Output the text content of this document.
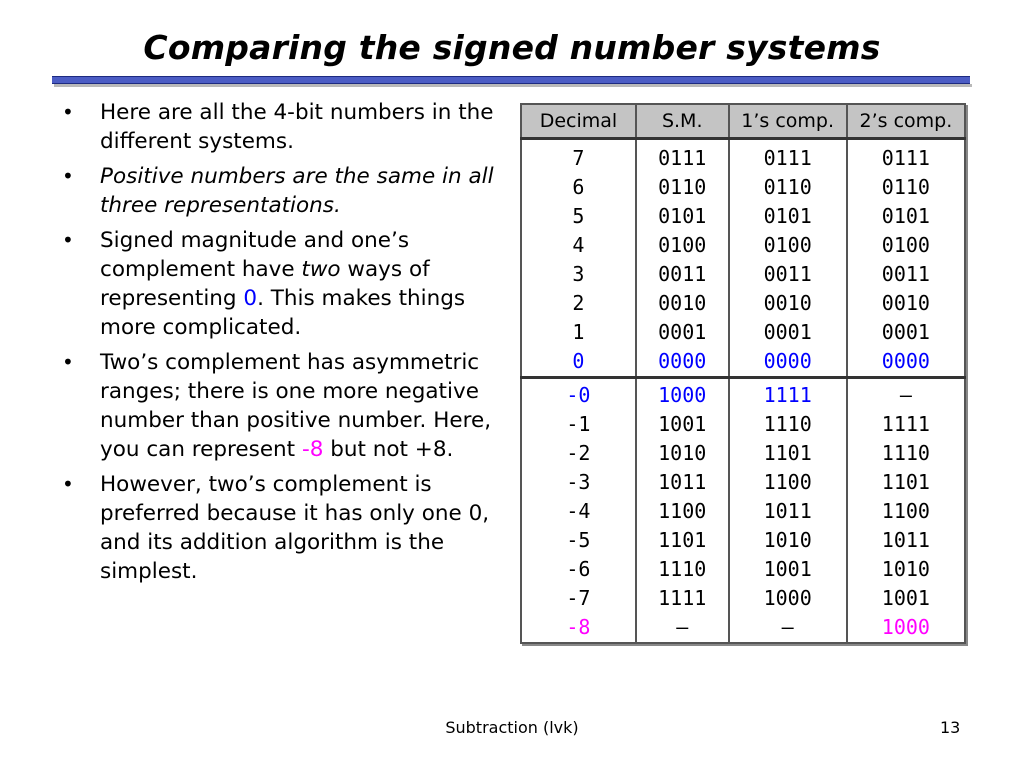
Comparing the signed number systems
• Here are all the 4-bit numbers in the different systems.
• Positive numbers are the same in all three representations.
• Signed magnitude and one’s complement have two ways of representing 0. This makes things more complicated.
• Two’s complement has asymmetric ranges; there is one more negative number than positive number. Here, you can represent -8 but not +8.
• However, two’s complement is preferred because it has only one 0, and its addition algorithm is the simplest.
Decimal	S.M.	1’s comp.	2’s comp.
7	0111	0111	0111
6	0110	0110	0110
5	0101	0101	0101
4	0100	0100	0100
3	0011	0011	0011
2	0010	0010	0010
1	0001	0001	0001
0	0000	0000	0000
-0	1000	1111	—
-1	1001	1110	1111
-2	1010	1101	1110
-3	1011	1100	1101
-4	1100	1011	1100
-5	1101	1010	1011
-6	1110	1001	1010
-7	1111	1000	1001
-8	—	—	1000
Subtraction (lvk)	13
